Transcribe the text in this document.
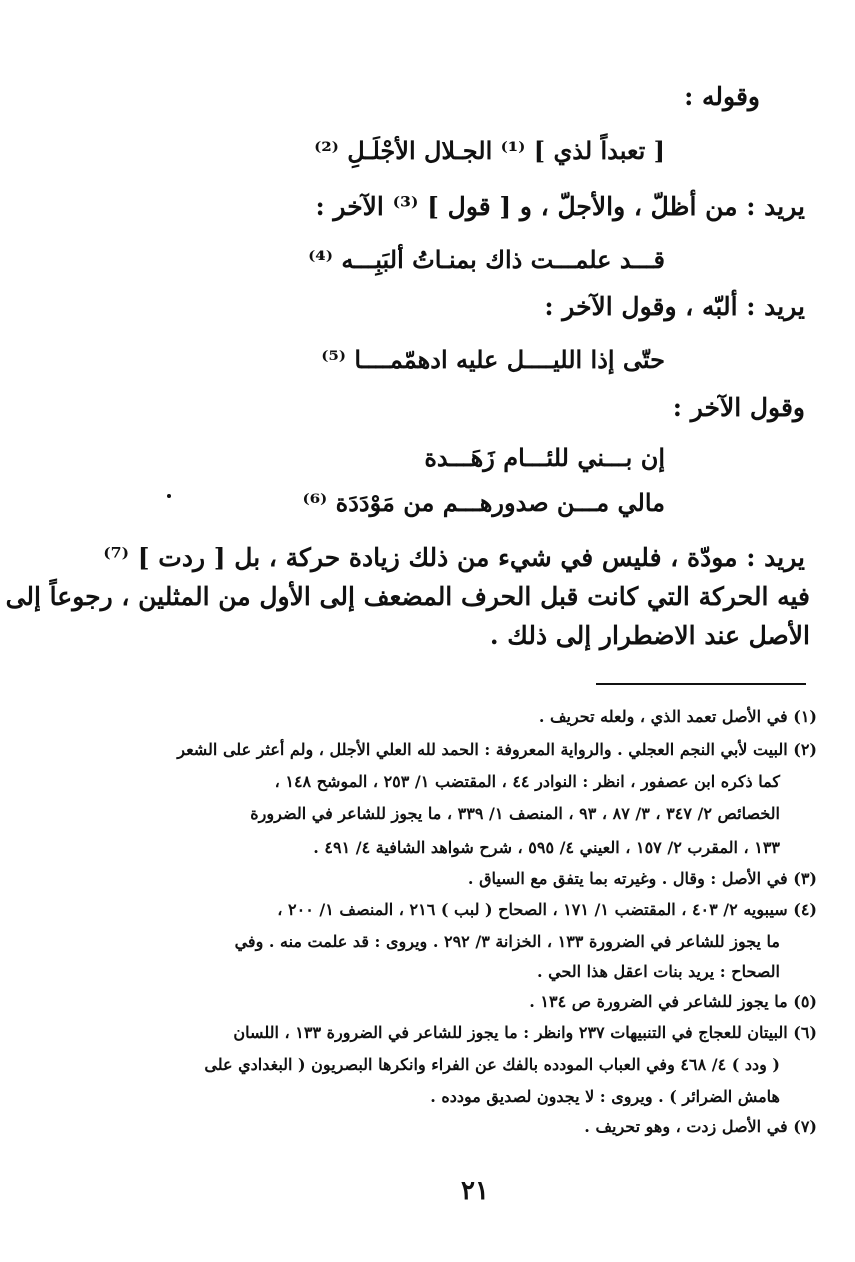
وقوله :
[ تعبداً لذي ] ⁽¹⁾ الجـلال الأجْلَـلِ ⁽²⁾
يريد : من أظلّ ، والأجلّ ، و [ قول ] ⁽³⁾ الآخر :
قـــد علمـــت ذاك بمنـاتُ ألبَبِـــه ⁽⁴⁾
يريد : ألبّه ، وقول الآخر :
حتّى إذا الليــــل عليه ادهمّمــــا ⁽⁵⁾
وقول الآخر :
إن بـــني للئـــام زَهَـــدة
مالي مـــن صدورهـــم من مَوْدَدَة ⁽⁶⁾
يريد : مودّة ، فليس في شيء من ذلك زيادة حركة ، بل [ ردت ] ⁽⁷⁾
فيه الحركة التي كانت قبل الحرف المضعف إلى الأول من المثلين ، رجوعاً إلى
الأصل عند الاضطرار إلى ذلك .
(١) في الأصل تعمد الذي ، ولعله تحريف .
(٢) البيت لأبي النجم العجلي . والرواية المعروفة : الحمد لله العلي الأجلل ، ولم أعثر على الشعر
كما ذكره ابن عصفور ، انظر : النوادر ٤٤ ، المقتضب ١/ ٢٥٣ ، الموشح ١٤٨ ،
الخصائص ٢/ ٣٤٧ ، ٣/ ٨٧ ، ٩٣ ، المنصف ١/ ٣٣٩ ، ما يجوز للشاعر في الضرورة
١٣٣ ، المقرب ٢/ ١٥٧ ، العيني ٤/ ٥٩٥ ، شرح شواهد الشافية ٤/ ٤٩١ .
(٣) في الأصل : وقال . وغيرته بما يتفق مع السياق .
(٤) سيبويه ٢/ ٤٠٣ ، المقتضب ١/ ١٧١ ، الصحاح ( لبب ) ٢١٦ ، المنصف ١/ ٢٠٠ ،
ما يجوز للشاعر في الضرورة ١٣٣ ، الخزانة ٣/ ٢٩٢ . ويروى : قد علمت منه . وفي
الصحاح : يريد بنات اعقل هذا الحي .
(٥) ما يجوز للشاعر في الضرورة ص ١٣٤ .
(٦) البيتان للعجاج في التنبيهات ٢٣٧ وانظر : ما يجوز للشاعر في الضرورة ١٣٣ ، اللسان
( ودد ) ٤/ ٤٦٨ وفي العباب المودده بالفك عن الفراء وانكرها البصريون ( البغدادي على
هامش الضرائر ) . ويروى : لا يجدون لصديق مودده .
(٧) في الأصل زدت ، وهو تحريف .
٢١
